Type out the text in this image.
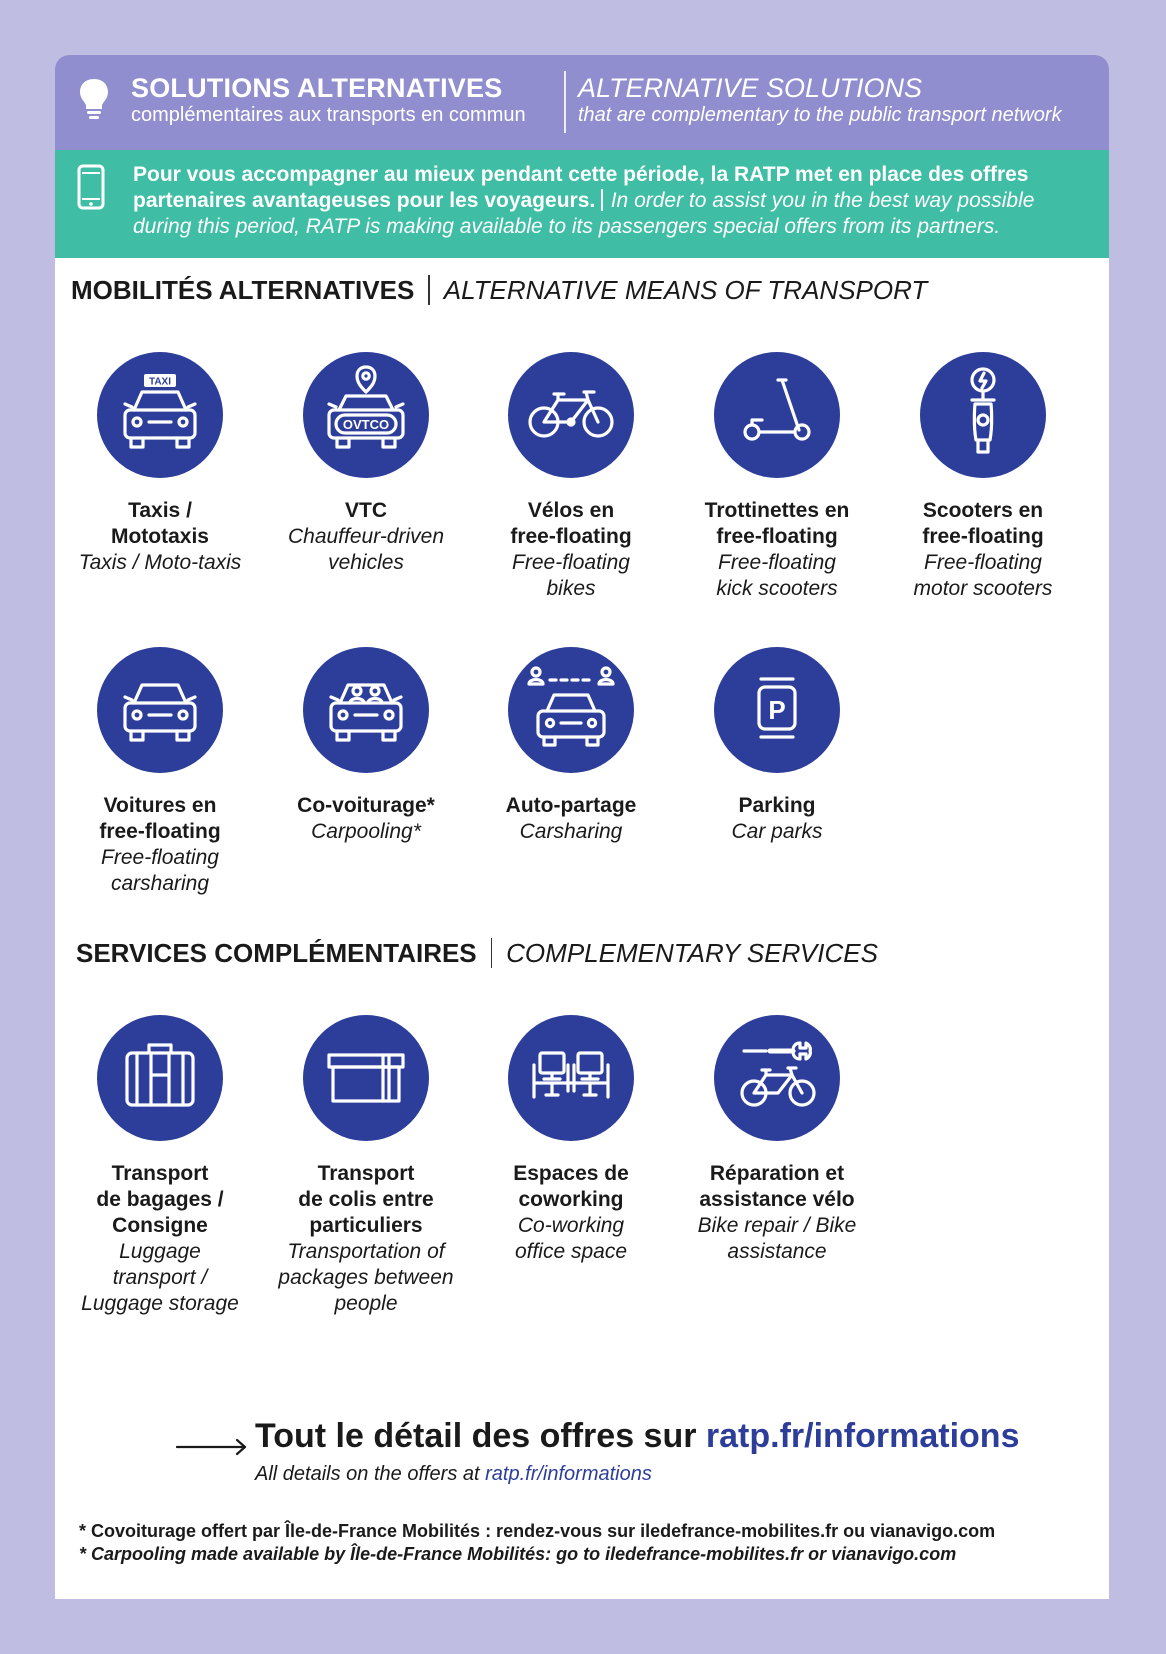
SOLUTIONS ALTERNATIVES
complémentaires aux transports en commun
ALTERNATIVE SOLUTIONS
that are complementary to the public transport network
Pour vous accompagner au mieux pendant cette période, la RATP met en place des offres partenaires avantageuses pour les voyageurs. In order to assist you in the best way possible during this period, RATP is making available to its passengers special offers from its partners.
MOBILITÉS ALTERNATIVES ALTERNATIVE MEANS OF TRANSPORT
TAXI
Taxis /
Mototaxis
Taxis / Moto-taxis
OVTCO
VTC
Chauffeur-driven
vehicles
Vélos en
free-floating
Free-floating
bikes
Trottinettes en
free-floating
Free-floating
kick scooters
Scooters en
free-floating
Free-floating
motor scooters
Voitures en
free-floating
Free-floating
carsharing
Co-voiturage*
Carpooling*
Auto-partage
Carsharing
P
Parking
Car parks
SERVICES COMPLÉMENTAIRES COMPLEMENTARY SERVICES
Transport
de bagages /
Consigne
Luggage
transport /
Luggage storage
Transport
de colis entre
particuliers
Transportation of
packages between
people
Espaces de
coworking
Co-working
office space
Réparation et
assistance vélo
Bike repair / Bike
assistance
Tout le détail des offres sur ratp.fr/informations
All details on the offers at ratp.fr/informations
* Covoiturage offert par Île-de-France Mobilités : rendez-vous sur iledefrance-mobilites.fr ou vianavigo.com
* Carpooling made available by Île-de-France Mobilités: go to iledefrance-mobilites.fr or vianavigo.com
